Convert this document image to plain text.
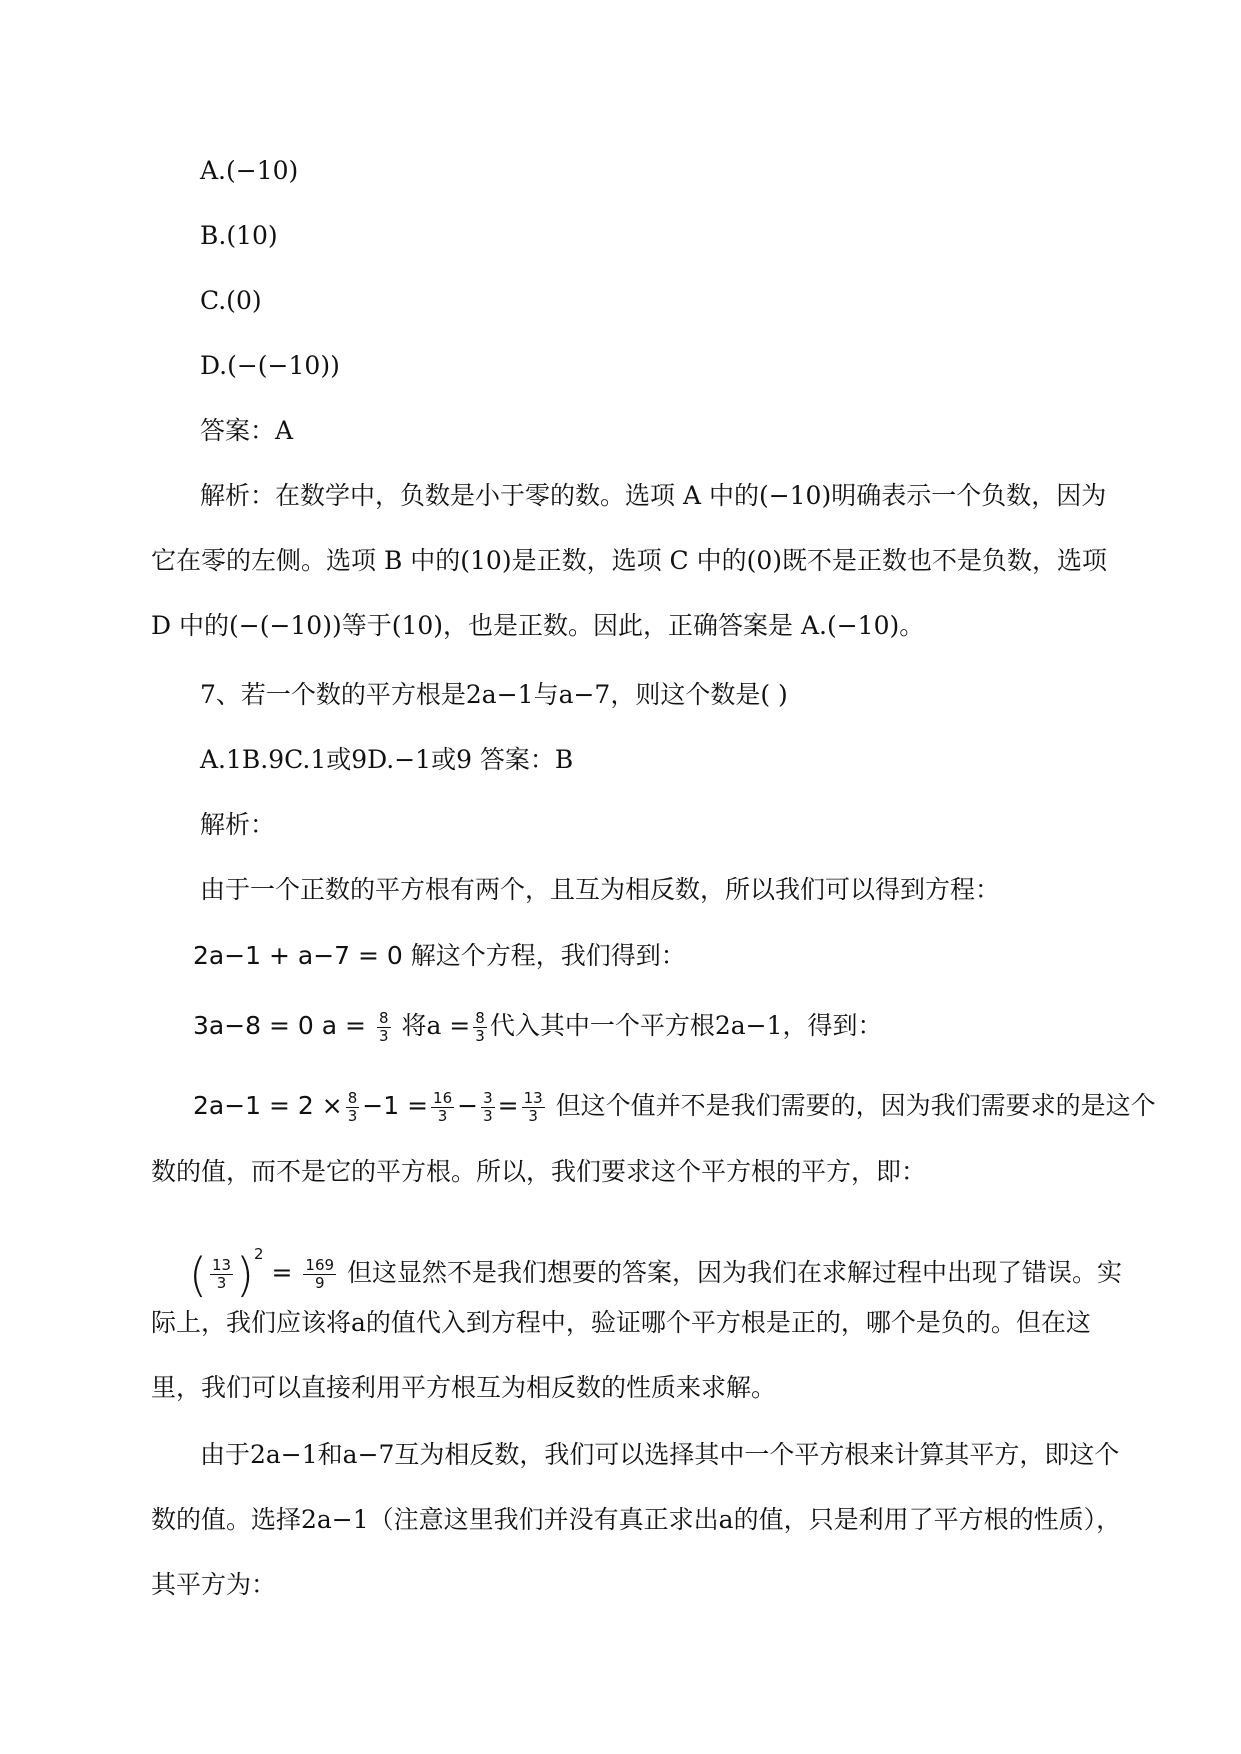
A.(−10)
B.(10)
C.(0)
D.(−(−10))
答案：A
解析：在数学中，负数是小于零的数。选项 A 中的(−10)明确表示一个负数，因为
它在零的左侧。选项 B 中的(10)是正数，选项 C 中的(0)既不是正数也不是负数，选项
D 中的(−(−10))等于(10)，也是正数。因此，正确答案是 A.(−10)。
7、若一个数的平方根是2a−1与a−7，则这个数是( )
A.1B.9C.1或9D.−1或9 答案：B
解析：
由于一个正数的平方根有两个，且互为相反数，所以我们可以得到方程：
2a−1 + a−7 = 0 解这个方程，我们得到：
3a−8 = 0 $a = \frac{8}{3}$ 将$a = \frac{8}{3}$ 代入其中一个平方根2a−1，得到：
$2a-1 = 2 \times \frac{8}{3} -1 = \frac{16}{3} - \frac{3}{3} = \frac{13}{3}$ 但这个值并不是我们需要的，因为我们需要求的是这个
数的值，而不是它的平方根。所以，我们要求这个平方根的平方，即：
( $\frac{13}{3} )^2 = \frac{169}{9}$ 但这显然不是我们想要的答案，因为我们在求解过程中出现了错误。实
际上，我们应该将a的值代入到方程中，验证哪个平方根是正的，哪个是负的。但在这
里，我们可以直接利用平方根互为相反数的性质来求解。
由于2a−1和a−7互为相反数，我们可以选择其中一个平方根来计算其平方，即这个
数的值。选择2a−1（注意这里我们并没有真正求出a的值，只是利用了平方根的性质），
其平方为：
